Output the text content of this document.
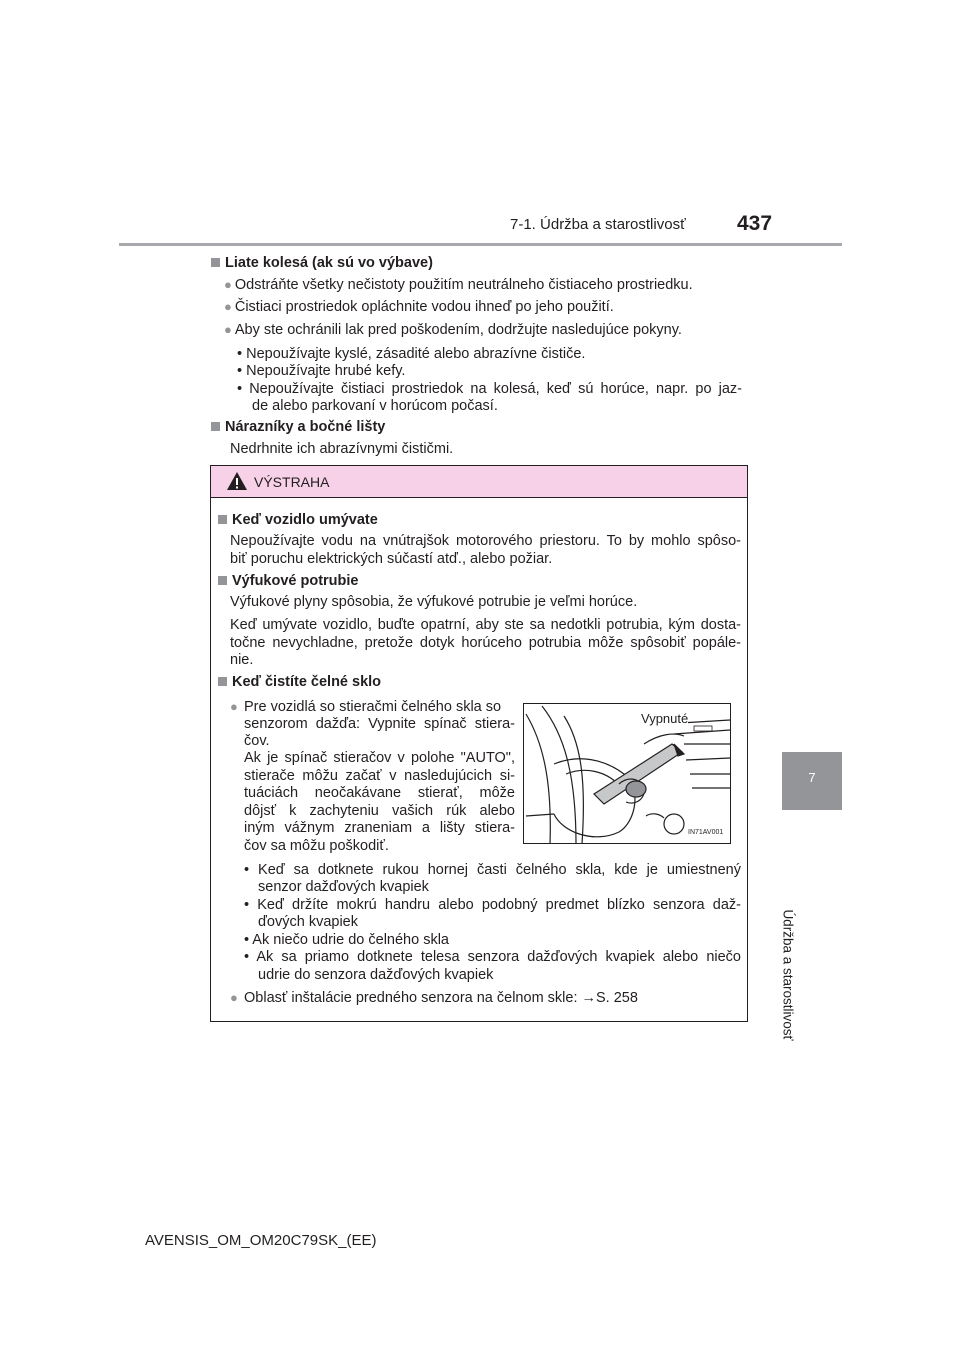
7-1. Údržba a starostlivosť 437
7
Údržba a starostlivosť
Liate kolesá (ak sú vo výbave)
● Odstráňte všetky nečistoty použitím neutrálneho čistiaceho prostriedku.
● Čistiaci prostriedok opláchnite vodou ihneď po jeho použití.
● Aby ste ochránili lak pred poškodením, dodržujte nasledujúce pokyny.
• Nepoužívajte kyslé, zásadité alebo abrazívne čističe.
• Nepoužívajte hrubé kefy.
• Nepoužívajte čistiaci prostriedok na kolesá, keď sú horúce, napr. po jaz-
de alebo parkovaní v horúcom počasí.
Nárazníky a bočné lišty
Nedrhnite ich abrazívnymi čističmi.
VÝSTRAHA
Keď vozidlo umývate
Nepoužívajte vodu na vnútrajšok motorového priestoru. To by mohlo spôso-
biť poruchu elektrických súčastí atď., alebo požiar.
Výfukové potrubie
Výfukové plyny spôsobia, že výfukové potrubie je veľmi horúce.
Keď umývate vozidlo, buďte opatrní, aby ste sa nedotkli potrubia, kým dosta-
točne nevychladne, pretože dotyk horúceho potrubia môže spôsobiť popále-
nie.
Keď čistíte čelné sklo
● Pre vozidlá so stieračmi čelného skla so
senzorom dažďa: Vypnite spínač stiera-
čov.
Ak je spínač stieračov v polohe "AUTO",
stierače môžu začať v nasledujúcich si-
tuáciách neočakávane stierať, môže
dôjsť k zachyteniu vašich rúk alebo
iným vážnym zraneniam a lišty stiera-
čov sa môžu poškodiť.
• Keď sa dotknete rukou hornej časti čelného skla, kde je umiestnený
senzor dažďových kvapiek
• Keď držíte mokrú handru alebo podobný predmet blízko senzora daž-
ďových kvapiek
• Ak niečo udrie do čelného skla
• Ak sa priamo dotknete telesa senzora dažďových kvapiek alebo niečo
udrie do senzora dažďových kvapiek
● Oblasť inštalácie predného senzora na čelnom skle: →S. 258
Vypnuté
IN71AV001
AVENSIS_OM_OM20C79SK_(EE)
